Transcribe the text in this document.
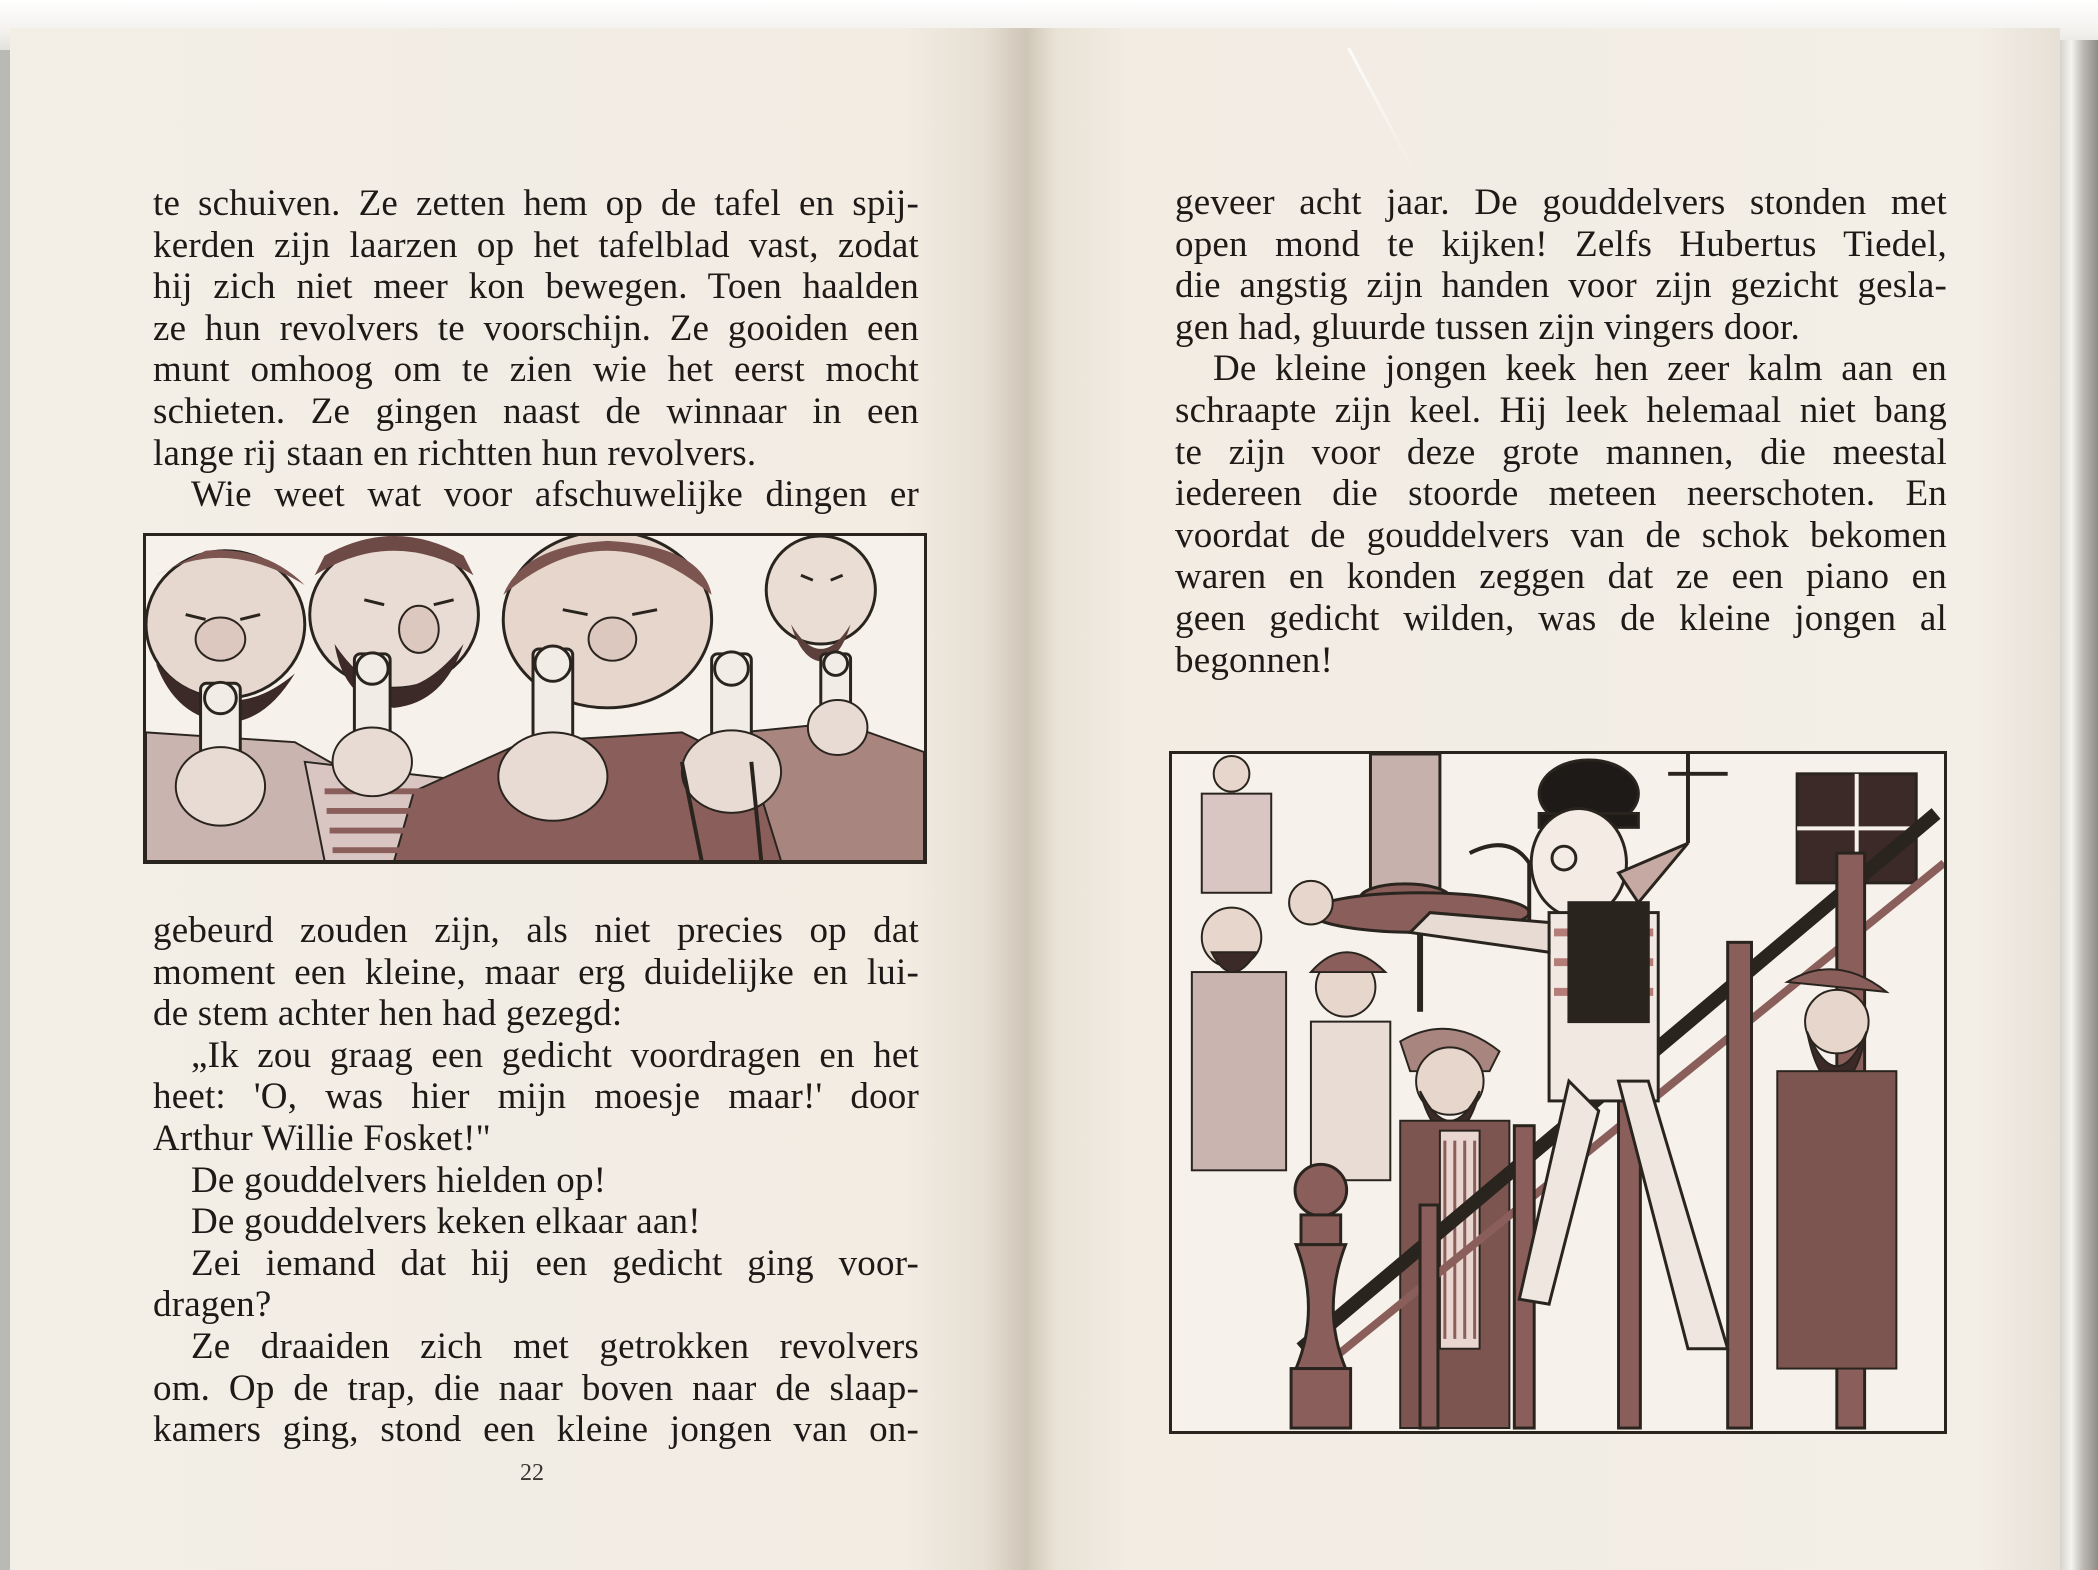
te schuiven. Ze zetten hem op de tafel en spij-
kerden zijn laarzen op het tafelblad vast, zodat
hij zich niet meer kon bewegen. Toen haalden
ze hun revolvers te voorschijn. Ze gooiden een
munt omhoog om te zien wie het eerst mocht
schieten. Ze gingen naast de winnaar in een
lange rij staan en richtten hun revolvers.
Wie weet wat voor afschuwelijke dingen er
gebeurd zouden zijn, als niet precies op dat
moment een kleine, maar erg duidelijke en lui-
de stem achter hen had gezegd:
„Ik zou graag een gedicht voordragen en het
heet: 'O, was hier mijn moesje maar!' door
Arthur Willie Fosket!"
De gouddelvers hielden op!
De gouddelvers keken elkaar aan!
Zei iemand dat hij een gedicht ging voor-
dragen?
Ze draaiden zich met getrokken revolvers
om. Op de trap, die naar boven naar de slaap-
kamers ging, stond een kleine jongen van on-
22
geveer acht jaar. De gouddelvers stonden met
open mond te kijken! Zelfs Hubertus Tiedel,
die angstig zijn handen voor zijn gezicht gesla-
gen had, gluurde tussen zijn vingers door.
De kleine jongen keek hen zeer kalm aan en
schraapte zijn keel. Hij leek helemaal niet bang
te zijn voor deze grote mannen, die meestal
iedereen die stoorde meteen neerschoten. En
voordat de gouddelvers van de schok bekomen
waren en konden zeggen dat ze een piano en
geen gedicht wilden, was de kleine jongen al
begonnen!
